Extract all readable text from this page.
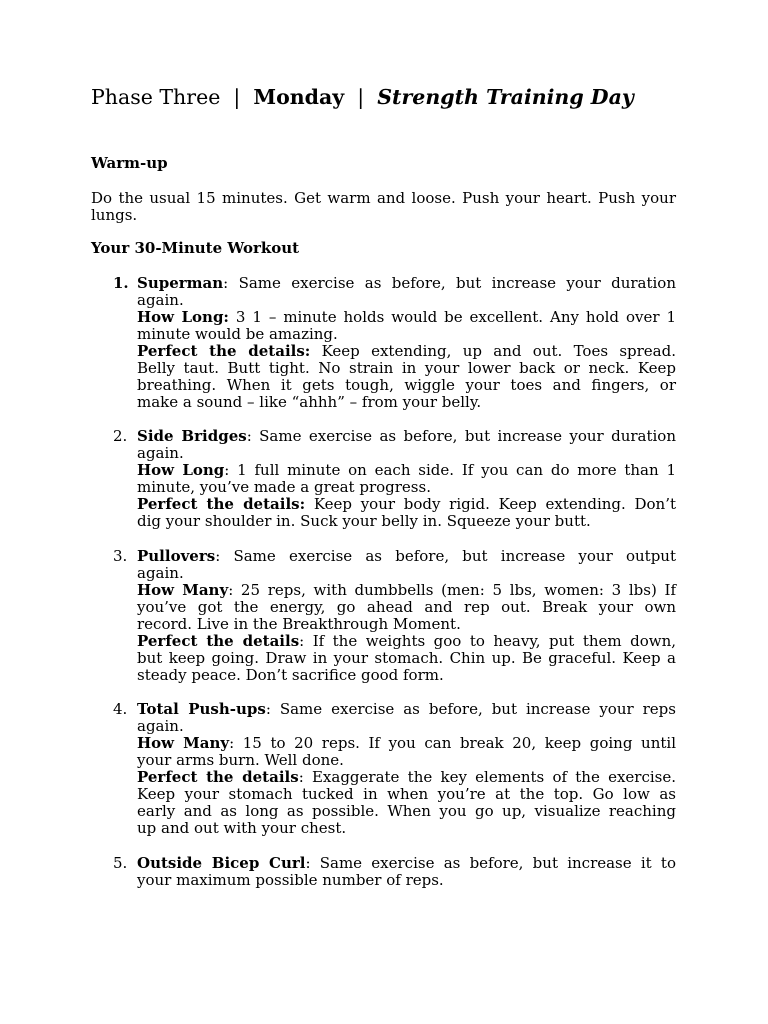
Phase Three | Monday | Strength Training Day
Warm-up
Do the usual 15 minutes. Get warm and loose. Push your heart. Push your
lungs.
Your 30-Minute Workout
1. Superman: Same exercise as before, but increase your duration
again.
How Long: 3 1 – minute holds would be excellent. Any hold over 1
minute would be amazing.
Perfect the details: Keep extending, up and out. Toes spread.
Belly taut. Butt tight. No strain in your lower back or neck. Keep
breathing. When it gets tough, wiggle your toes and fingers, or
make a sound – like “ahhh” – from your belly.
2. Side Bridges: Same exercise as before, but increase your duration
again.
How Long: 1 full minute on each side. If you can do more than 1
minute, you’ve made a great progress.
Perfect the details: Keep your body rigid. Keep extending. Don’t
dig your shoulder in. Suck your belly in. Squeeze your butt.
3. Pullovers: Same exercise as before, but increase your output
again.
How Many: 25 reps, with dumbbells (men: 5 lbs, women: 3 lbs) If
you’ve got the energy, go ahead and rep out. Break your own
record. Live in the Breakthrough Moment.
Perfect the details: If the weights goo to heavy, put them down,
but keep going. Draw in your stomach. Chin up. Be graceful. Keep a
steady peace. Don’t sacrifice good form.
4. Total Push-ups: Same exercise as before, but increase your reps
again.
How Many: 15 to 20 reps. If you can break 20, keep going until
your arms burn. Well done.
Perfect the details: Exaggerate the key elements of the exercise.
Keep your stomach tucked in when you’re at the top. Go low as
early and as long as possible. When you go up, visualize reaching
up and out with your chest.
5. Outside Bicep Curl: Same exercise as before, but increase it to
your maximum possible number of reps.
